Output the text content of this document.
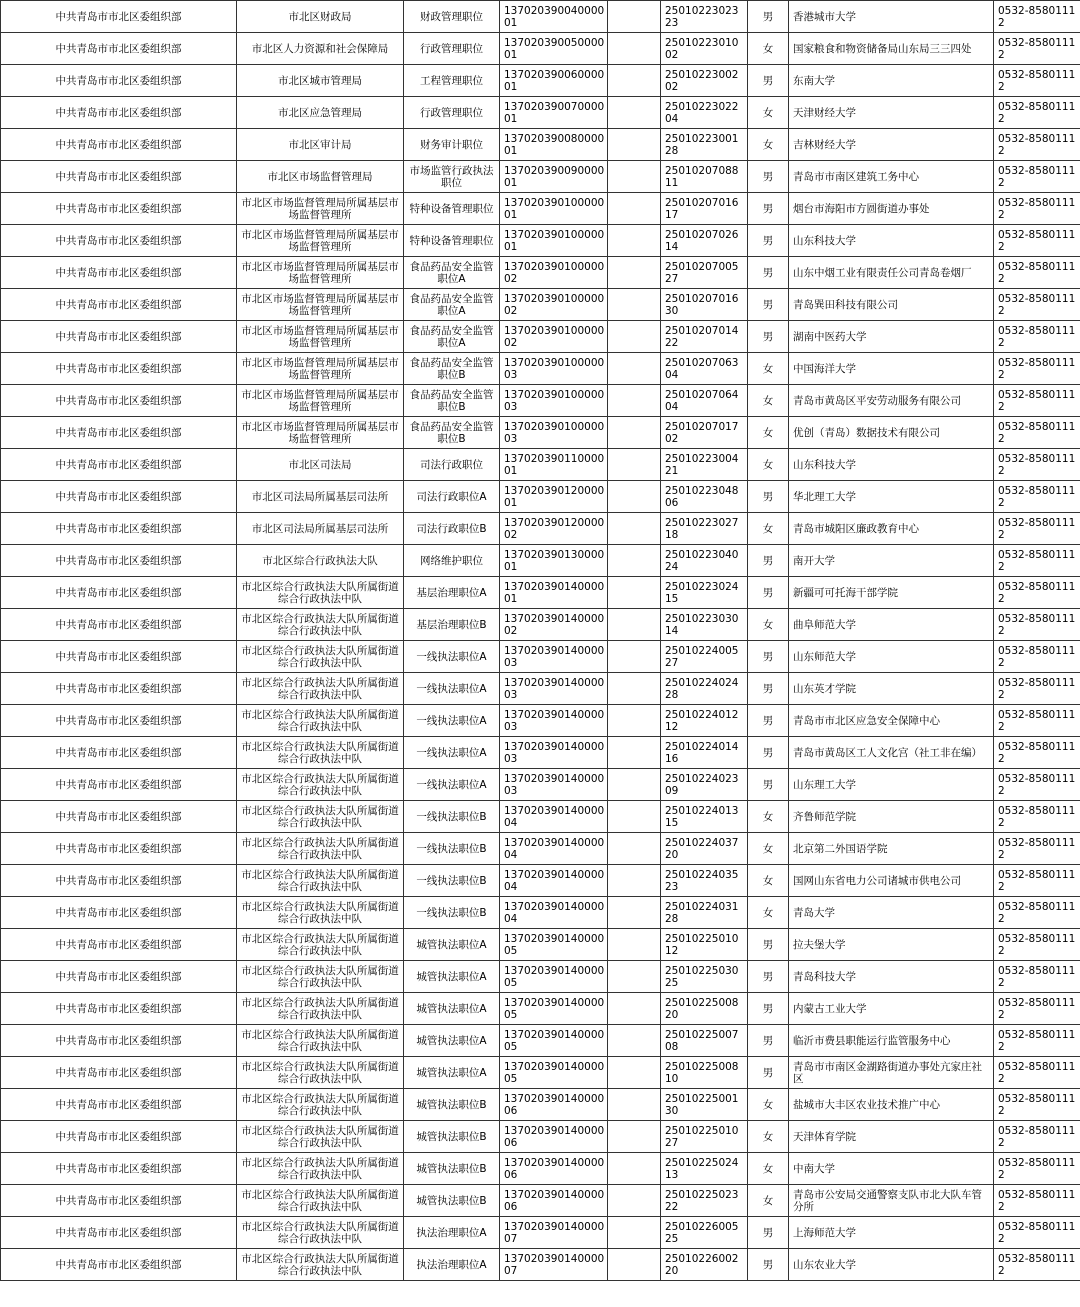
中共青岛市市北区委组织部	市北区财政局	财政管理职位	13702039004000001		2501022302323	男	香港城市大学	0532-85801112
中共青岛市市北区委组织部	市北区人力资源和社会保障局	行政管理职位	13702039005000001		2501022301002	女	国家粮食和物资储备局山东局三三四处	0532-85801112
中共青岛市市北区委组织部	市北区城市管理局	工程管理职位	13702039006000001		2501022300202	男	东南大学	0532-85801112
中共青岛市市北区委组织部	市北区应急管理局	行政管理职位	13702039007000001		2501022302204	女	天津财经大学	0532-85801112
中共青岛市市北区委组织部	市北区审计局	财务审计职位	13702039008000001		2501022300128	女	吉林财经大学	0532-85801112
中共青岛市市北区委组织部	市北区市场监督管理局	市场监管行政执法职位	13702039009000001		2501020708811	男	青岛市市南区建筑工务中心	0532-85801112
中共青岛市市北区委组织部	市北区市场监督管理局所属基层市场监督管理所	特种设备管理职位	13702039010000001		2501020701617	男	烟台市海阳市方圆街道办事处	0532-85801112
中共青岛市市北区委组织部	市北区市场监督管理局所属基层市场监督管理所	特种设备管理职位	13702039010000001		2501020702614	男	山东科技大学	0532-85801112
中共青岛市市北区委组织部	市北区市场监督管理局所属基层市场监督管理所	食品药品安全监管职位A	13702039010000002		2501020700527	男	山东中烟工业有限责任公司青岛卷烟厂	0532-85801112
中共青岛市市北区委组织部	市北区市场监督管理局所属基层市场监督管理所	食品药品安全监管职位A	13702039010000002		2501020701630	男	青岛巽田科技有限公司	0532-85801112
中共青岛市市北区委组织部	市北区市场监督管理局所属基层市场监督管理所	食品药品安全监管职位A	13702039010000002		2501020701422	男	湖南中医药大学	0532-85801112
中共青岛市市北区委组织部	市北区市场监督管理局所属基层市场监督管理所	食品药品安全监管职位B	13702039010000003		2501020706304	女	中国海洋大学	0532-85801112
中共青岛市市北区委组织部	市北区市场监督管理局所属基层市场监督管理所	食品药品安全监管职位B	13702039010000003		2501020706404	女	青岛市黄岛区平安劳动服务有限公司	0532-85801112
中共青岛市市北区委组织部	市北区市场监督管理局所属基层市场监督管理所	食品药品安全监管职位B	13702039010000003		2501020701702	女	优创（青岛）数据技术有限公司	0532-85801112
中共青岛市市北区委组织部	市北区司法局	司法行政职位	13702039011000001		2501022300421	女	山东科技大学	0532-85801112
中共青岛市市北区委组织部	市北区司法局所属基层司法所	司法行政职位A	13702039012000001		2501022304806	男	华北理工大学	0532-85801112
中共青岛市市北区委组织部	市北区司法局所属基层司法所	司法行政职位B	13702039012000002		2501022302718	女	青岛市城阳区廉政教育中心	0532-85801112
中共青岛市市北区委组织部	市北区综合行政执法大队	网络维护职位	13702039013000001		2501022304024	男	南开大学	0532-85801112
中共青岛市市北区委组织部	市北区综合行政执法大队所属街道综合行政执法中队	基层治理职位A	13702039014000001		2501022302415	男	新疆可可托海干部学院	0532-85801112
中共青岛市市北区委组织部	市北区综合行政执法大队所属街道综合行政执法中队	基层治理职位B	13702039014000002		2501022303014	女	曲阜师范大学	0532-85801112
中共青岛市市北区委组织部	市北区综合行政执法大队所属街道综合行政执法中队	一线执法职位A	13702039014000003		2501022400527	男	山东师范大学	0532-85801112
中共青岛市市北区委组织部	市北区综合行政执法大队所属街道综合行政执法中队	一线执法职位A	13702039014000003		2501022402428	男	山东英才学院	0532-85801112
中共青岛市市北区委组织部	市北区综合行政执法大队所属街道综合行政执法中队	一线执法职位A	13702039014000003		2501022401212	男	青岛市市北区应急安全保障中心	0532-85801112
中共青岛市市北区委组织部	市北区综合行政执法大队所属街道综合行政执法中队	一线执法职位A	13702039014000003		2501022401416	男	青岛市黄岛区工人文化宫（社工非在编）	0532-85801112
中共青岛市市北区委组织部	市北区综合行政执法大队所属街道综合行政执法中队	一线执法职位A	13702039014000003		2501022402309	男	山东理工大学	0532-85801112
中共青岛市市北区委组织部	市北区综合行政执法大队所属街道综合行政执法中队	一线执法职位B	13702039014000004		2501022401315	女	齐鲁师范学院	0532-85801112
中共青岛市市北区委组织部	市北区综合行政执法大队所属街道综合行政执法中队	一线执法职位B	13702039014000004		2501022403720	女	北京第二外国语学院	0532-85801112
中共青岛市市北区委组织部	市北区综合行政执法大队所属街道综合行政执法中队	一线执法职位B	13702039014000004		2501022403523	女	国网山东省电力公司诸城市供电公司	0532-85801112
中共青岛市市北区委组织部	市北区综合行政执法大队所属街道综合行政执法中队	一线执法职位B	13702039014000004		2501022403128	女	青岛大学	0532-85801112
中共青岛市市北区委组织部	市北区综合行政执法大队所属街道综合行政执法中队	城管执法职位A	13702039014000005		2501022501012	男	拉夫堡大学	0532-85801112
中共青岛市市北区委组织部	市北区综合行政执法大队所属街道综合行政执法中队	城管执法职位A	13702039014000005		2501022503025	男	青岛科技大学	0532-85801112
中共青岛市市北区委组织部	市北区综合行政执法大队所属街道综合行政执法中队	城管执法职位A	13702039014000005		2501022500820	男	内蒙古工业大学	0532-85801112
中共青岛市市北区委组织部	市北区综合行政执法大队所属街道综合行政执法中队	城管执法职位A	13702039014000005		2501022500708	男	临沂市费县职能运行监管服务中心	0532-85801112
中共青岛市市北区委组织部	市北区综合行政执法大队所属街道综合行政执法中队	城管执法职位A	13702039014000005		2501022500810	男	青岛市市南区金湖路街道办事处亢家庄社区	0532-85801112
中共青岛市市北区委组织部	市北区综合行政执法大队所属街道综合行政执法中队	城管执法职位B	13702039014000006		2501022500130	女	盐城市大丰区农业技术推广中心	0532-85801112
中共青岛市市北区委组织部	市北区综合行政执法大队所属街道综合行政执法中队	城管执法职位B	13702039014000006		2501022501027	女	天津体育学院	0532-85801112
中共青岛市市北区委组织部	市北区综合行政执法大队所属街道综合行政执法中队	城管执法职位B	13702039014000006		2501022502413	女	中南大学	0532-85801112
中共青岛市市北区委组织部	市北区综合行政执法大队所属街道综合行政执法中队	城管执法职位B	13702039014000006		2501022502322	女	青岛市公安局交通警察支队市北大队车管分所	0532-85801112
中共青岛市市北区委组织部	市北区综合行政执法大队所属街道综合行政执法中队	执法治理职位A	13702039014000007		2501022600525	男	上海师范大学	0532-85801112
中共青岛市市北区委组织部	市北区综合行政执法大队所属街道综合行政执法中队	执法治理职位A	13702039014000007		2501022600220	男	山东农业大学	0532-85801112
